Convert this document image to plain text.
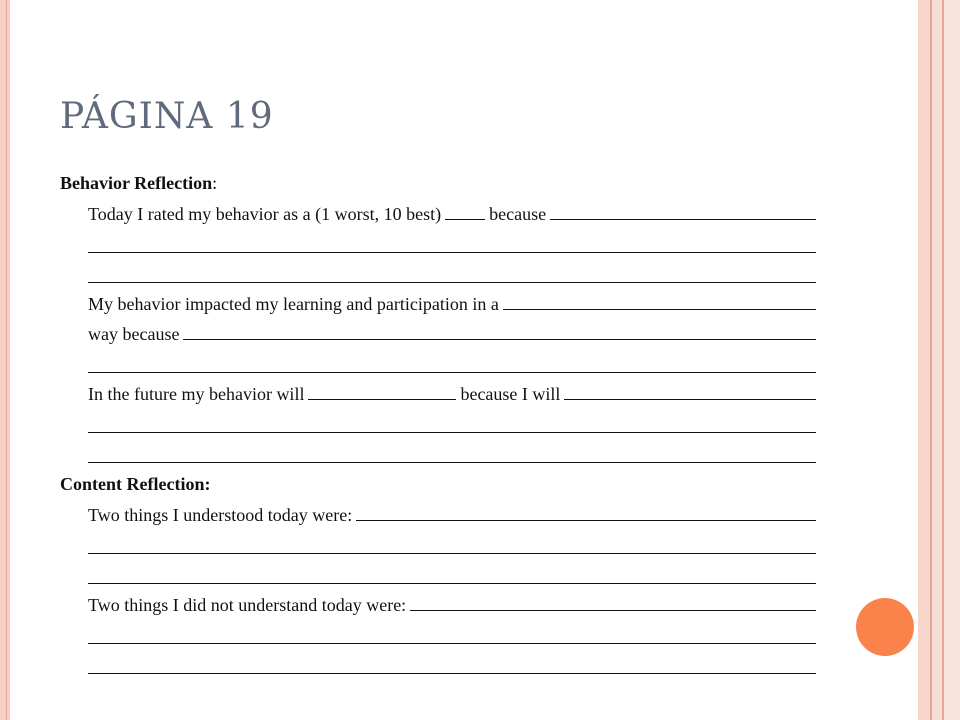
PÁGINA 19
Behavior Reflection:
Today I rated my behavior as a (1 worst, 10 best)	because
My behavior impacted my learning and participation in a
way because
In the future my behavior will	because I will
Content Reflection:
Two things I understood today were:
Two things I did not understand today were:
